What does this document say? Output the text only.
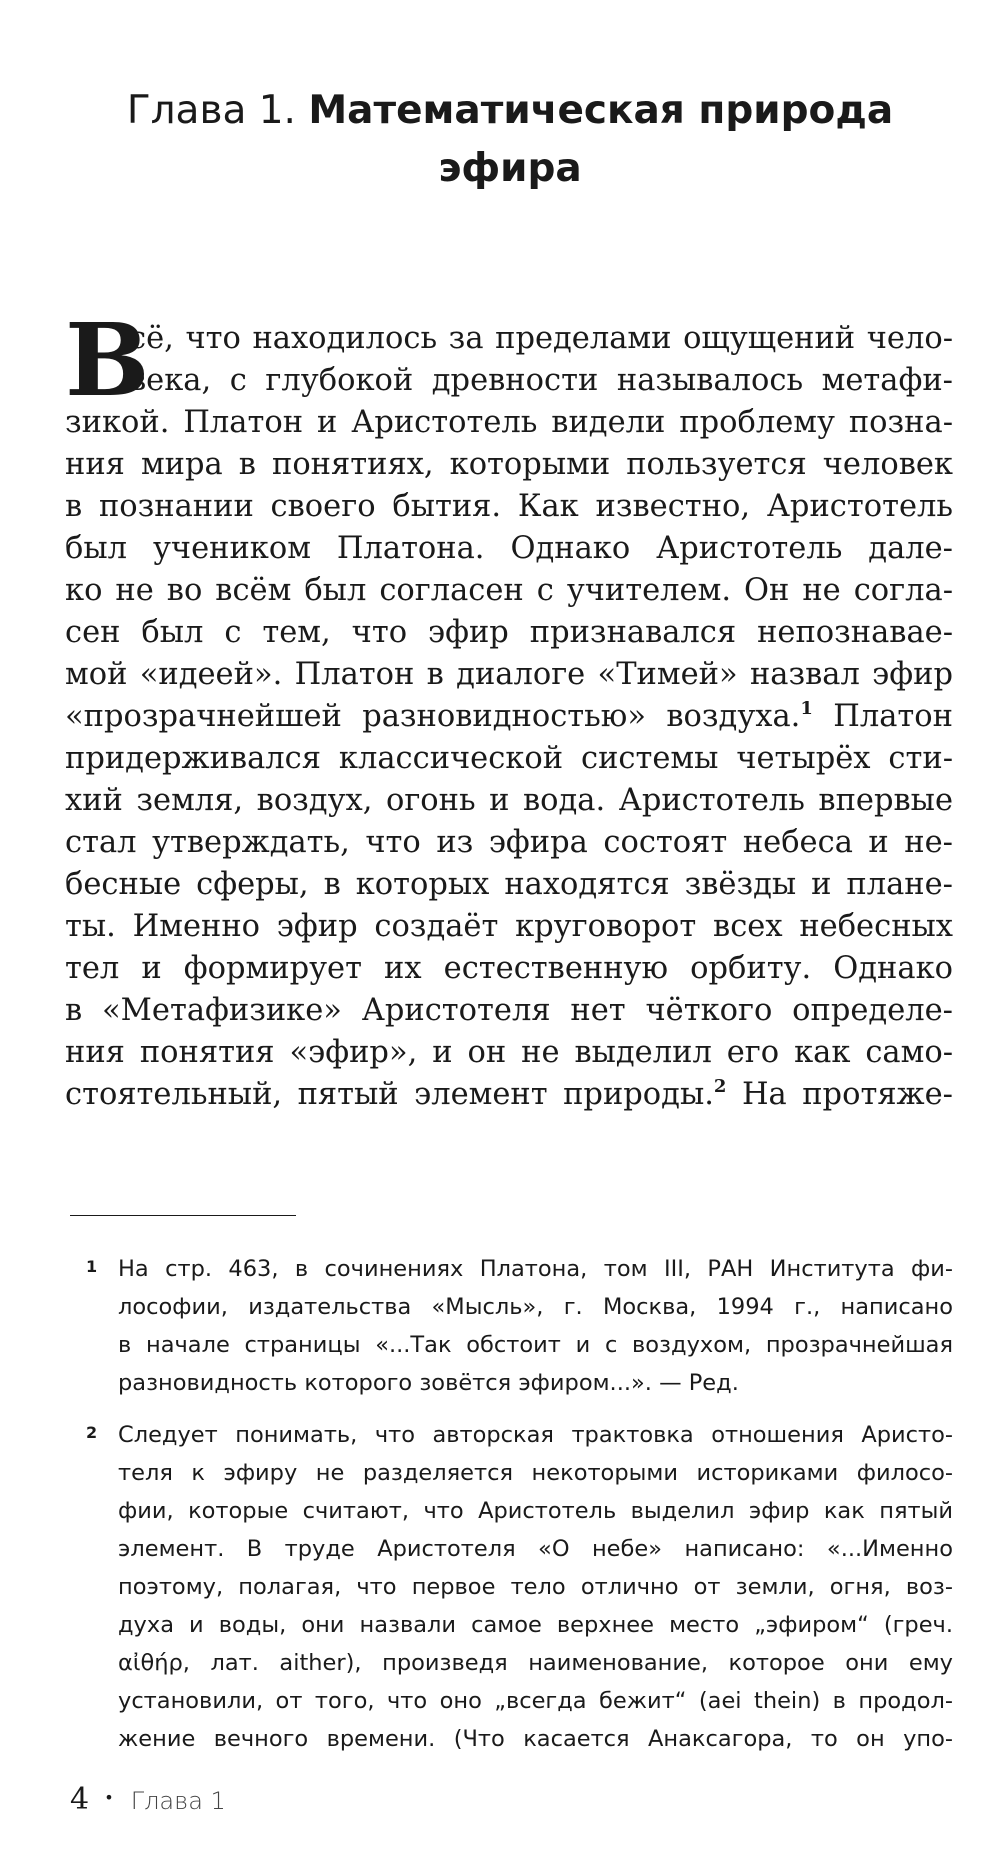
Глава 1. Математическая природа
эфира
В
сё, что находилось за пределами ощущений чело-
века, с глубокой древности называлось метафи-
зикой. Платон и Аристотель видели проблему позна-
ния мира в понятиях, которыми пользуется человек
в познании своего бытия. Как известно, Аристотель
был учеником Платона. Однако Аристотель дале-
ко не во всём был согласен с учителем. Он не согла-
сен был с тем, что эфир признавался непознавае-
мой «идеей». Платон в диалоге «Тимей» назвал эфир
«прозрачнейшей разновидностью» воздуха.$^1$ Платон
придерживался классической системы четырёх сти-
хий земля, воздух, огонь и вода. Аристотель впервые
стал утверждать, что из эфира состоят небеса и не-
бесные сферы, в которых находятся звёзды и плане-
ты. Именно эфир создаёт круговорот всех небесных
тел и формирует их естественную орбиту. Однако
в «Метафизике» Аристотеля нет чёткого определе-
ния понятия «эфир», и он не выделил его как само-
стоятельный, пятый элемент природы.$^2$ На протяже-
1 На стр. 463, в сочинениях Платона, том III, РАН Института фи-
лософии, издательства «Мысль», г. Москва, 1994 г., написано
в начале страницы «...Так обстоит и с воздухом, прозрачнейшая
разновидность которого зовётся эфиром...». — Ред.
2 Следует понимать, что авторская трактовка отношения Аристо-
теля к эфиру не разделяется некоторыми историками филосо-
фии, которые считают, что Аристотель выделил эфир как пятый
элемент. В труде Аристотеля «О небе» написано: «...Именно
поэтому, полагая, что первое тело отлично от земли, огня, воз-
духа и воды, они назвали самое верхнее место „эфиром“ (греч.
αἰθήρ, лат. aither), произведя наименование, которое они ему
установили, от того, что оно „всегда бежит“ (aei thein) в продол-
жение вечного времени. (Что касается Анаксагора, то он упо-
4 • Глава 1
